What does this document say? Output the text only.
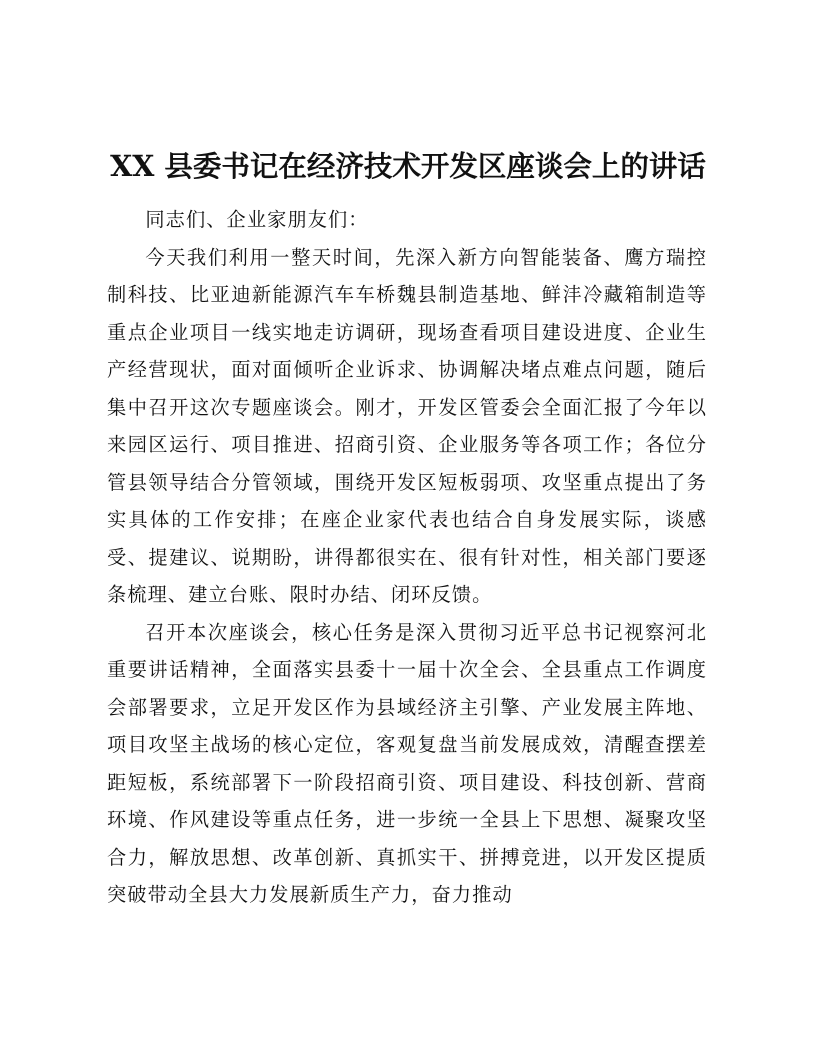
XX 县委书记在经济技术开发区座谈会上的讲话

同志们、企业家朋友们：

今天我们利用一整天时间，先深入新方向智能装备、鹰方瑞控制科技、比亚迪新能源汽车车桥魏县制造基地、鲜沣冷藏箱制造等重点企业项目一线实地走访调研，现场查看项目建设进度、企业生产经营现状，面对面倾听企业诉求、协调解决堵点难点问题，随后集中召开这次专题座谈会。刚才，开发区管委会全面汇报了今年以来园区运行、项目推进、招商引资、企业服务等各项工作；各位分管县领导结合分管领域，围绕开发区短板弱项、攻坚重点提出了务实具体的工作安排；在座企业家代表也结合自身发展实际，谈感受、提建议、说期盼，讲得都很实在、很有针对性，相关部门要逐条梳理、建立台账、限时办结、闭环反馈。

召开本次座谈会，核心任务是深入贯彻习近平总书记视察河北重要讲话精神，全面落实县委十一届十次全会、全县重点工作调度会部署要求，立足开发区作为县域经济主引擎、产业发展主阵地、项目攻坚主战场的核心定位，客观复盘当前发展成效，清醒查摆差距短板，系统部署下一阶段招商引资、项目建设、科技创新、营商环境、作风建设等重点任务，进一步统一全县上下思想、凝聚攻坚合力，解放思想、改革创新、真抓实干、拼搏竞进，以开发区提质突破带动全县大力发展新质生产力，奋力推动
